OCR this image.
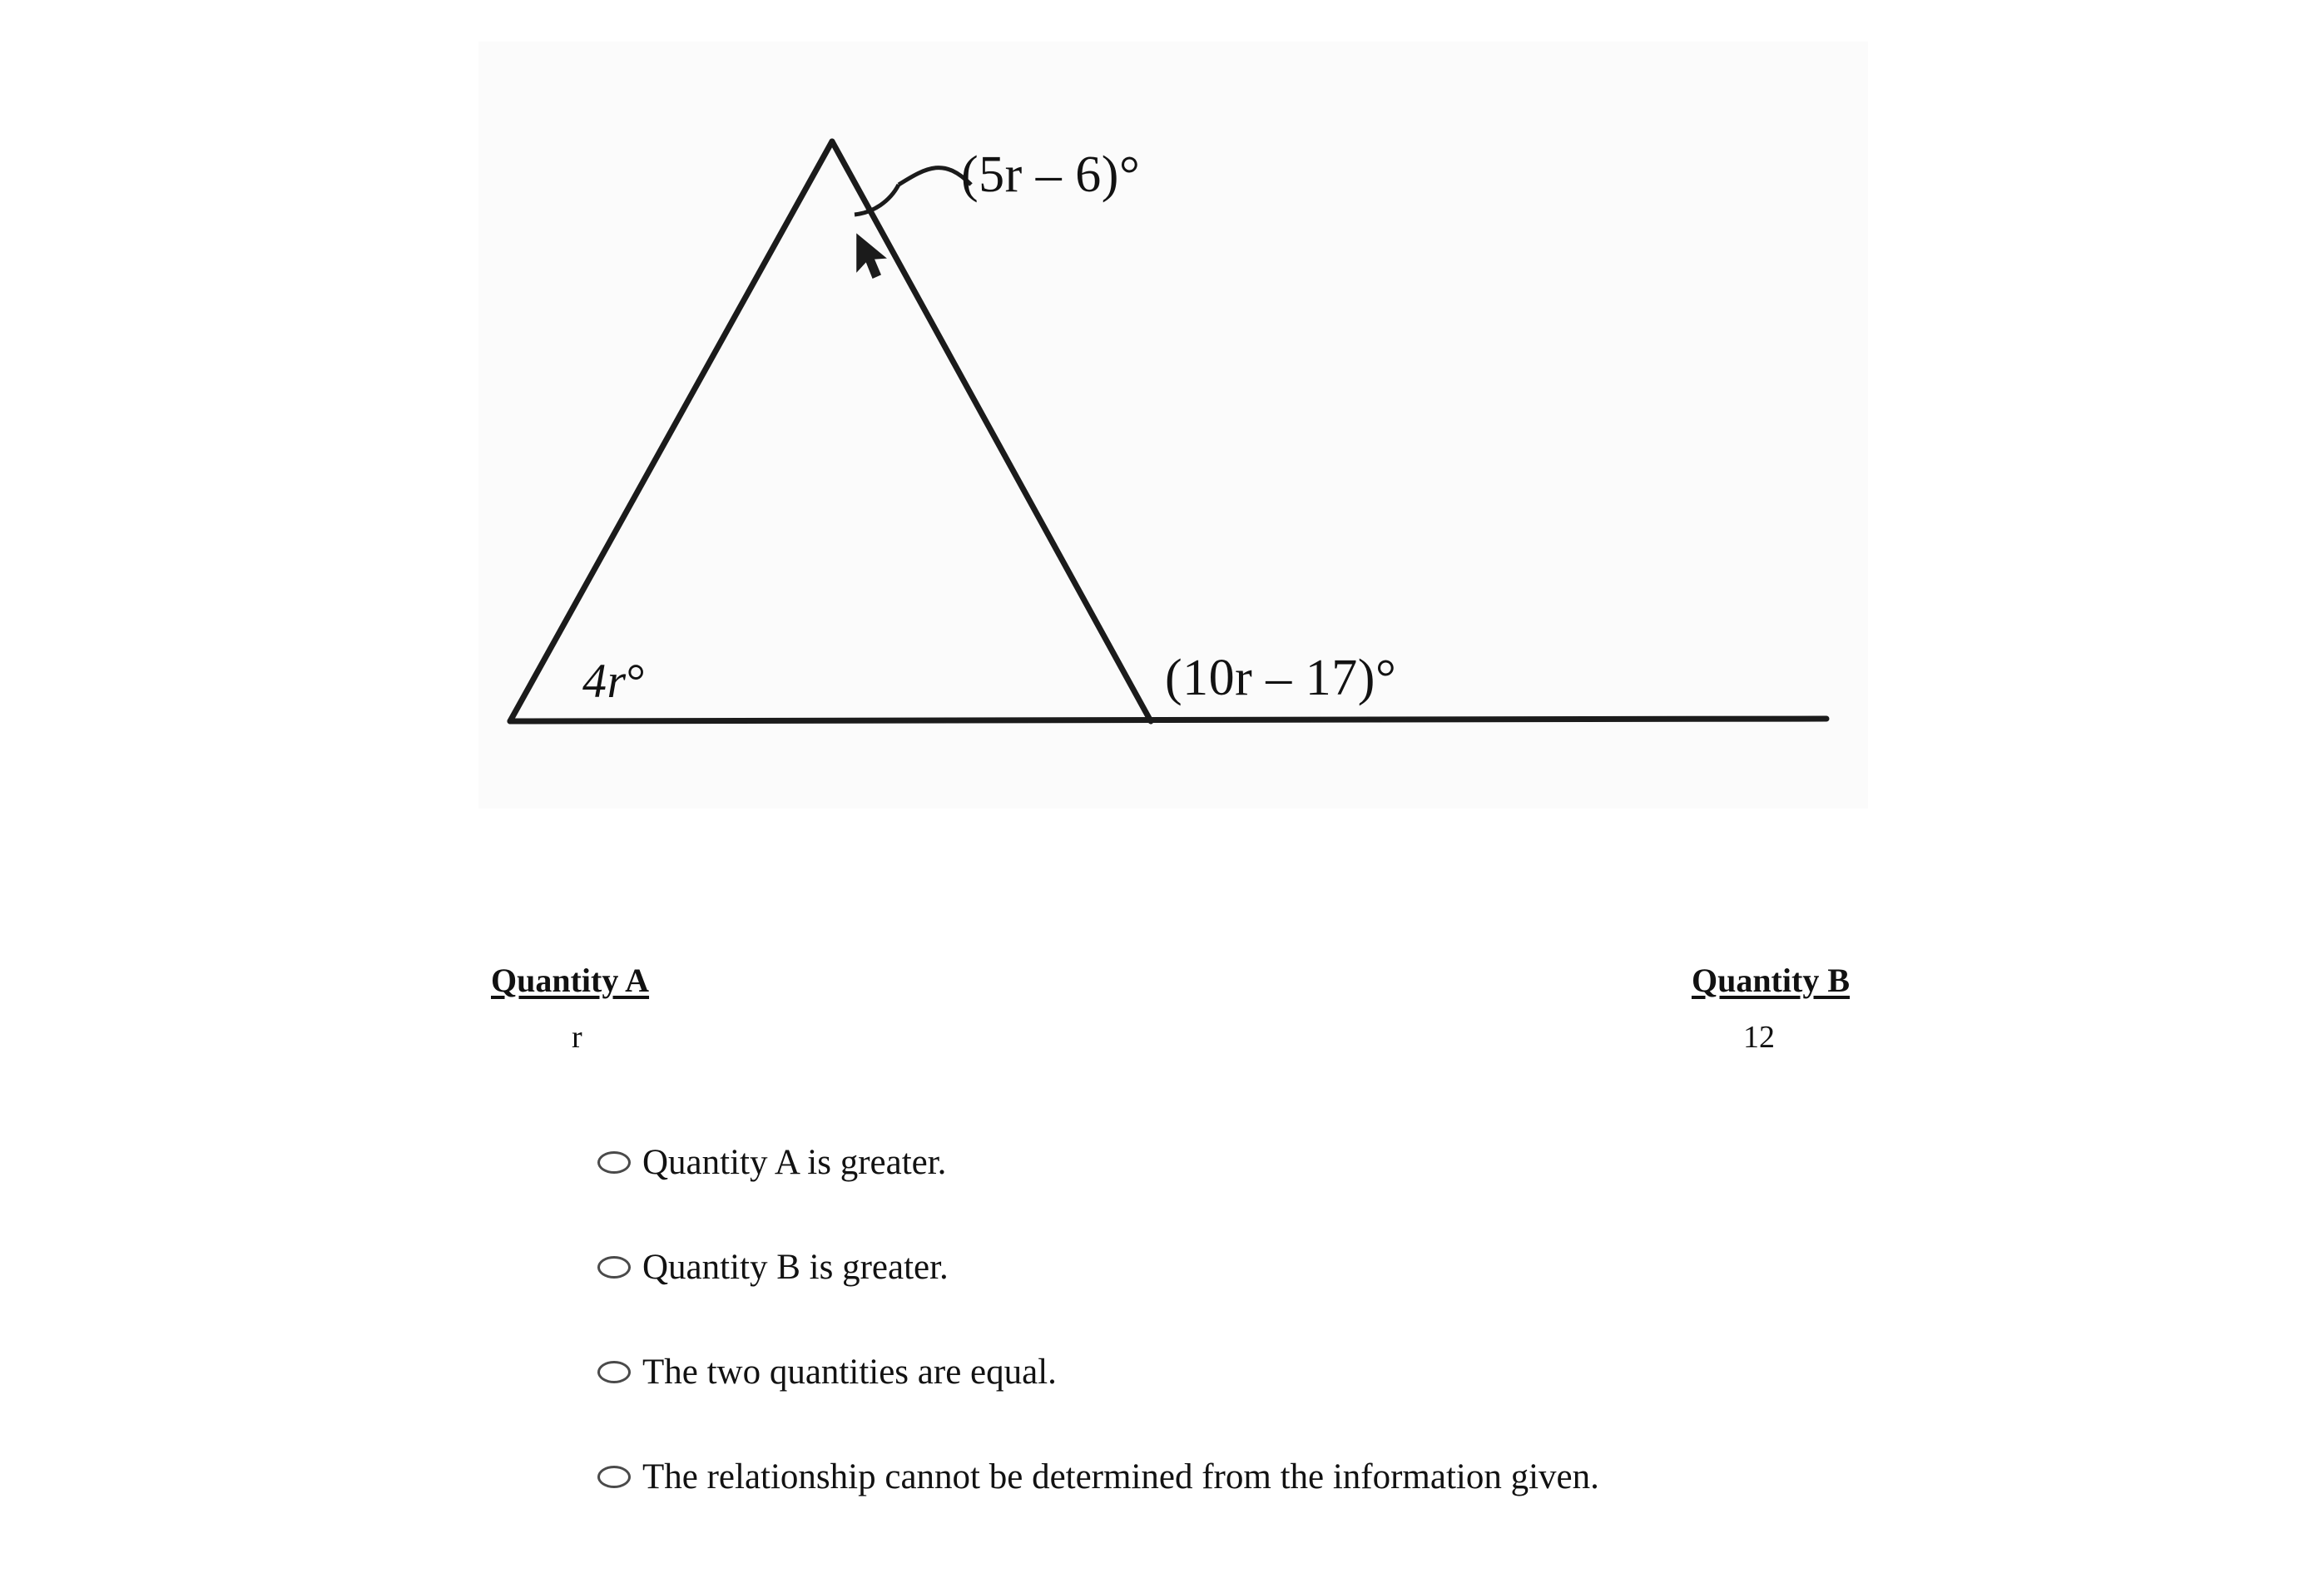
(5r – 6)°
4r°	(10r – 17)°
Quantity A	Quantity B
r	12
Quantity A is greater.
Quantity B is greater.
The two quantities are equal.
The relationship cannot be determined from the information given.
